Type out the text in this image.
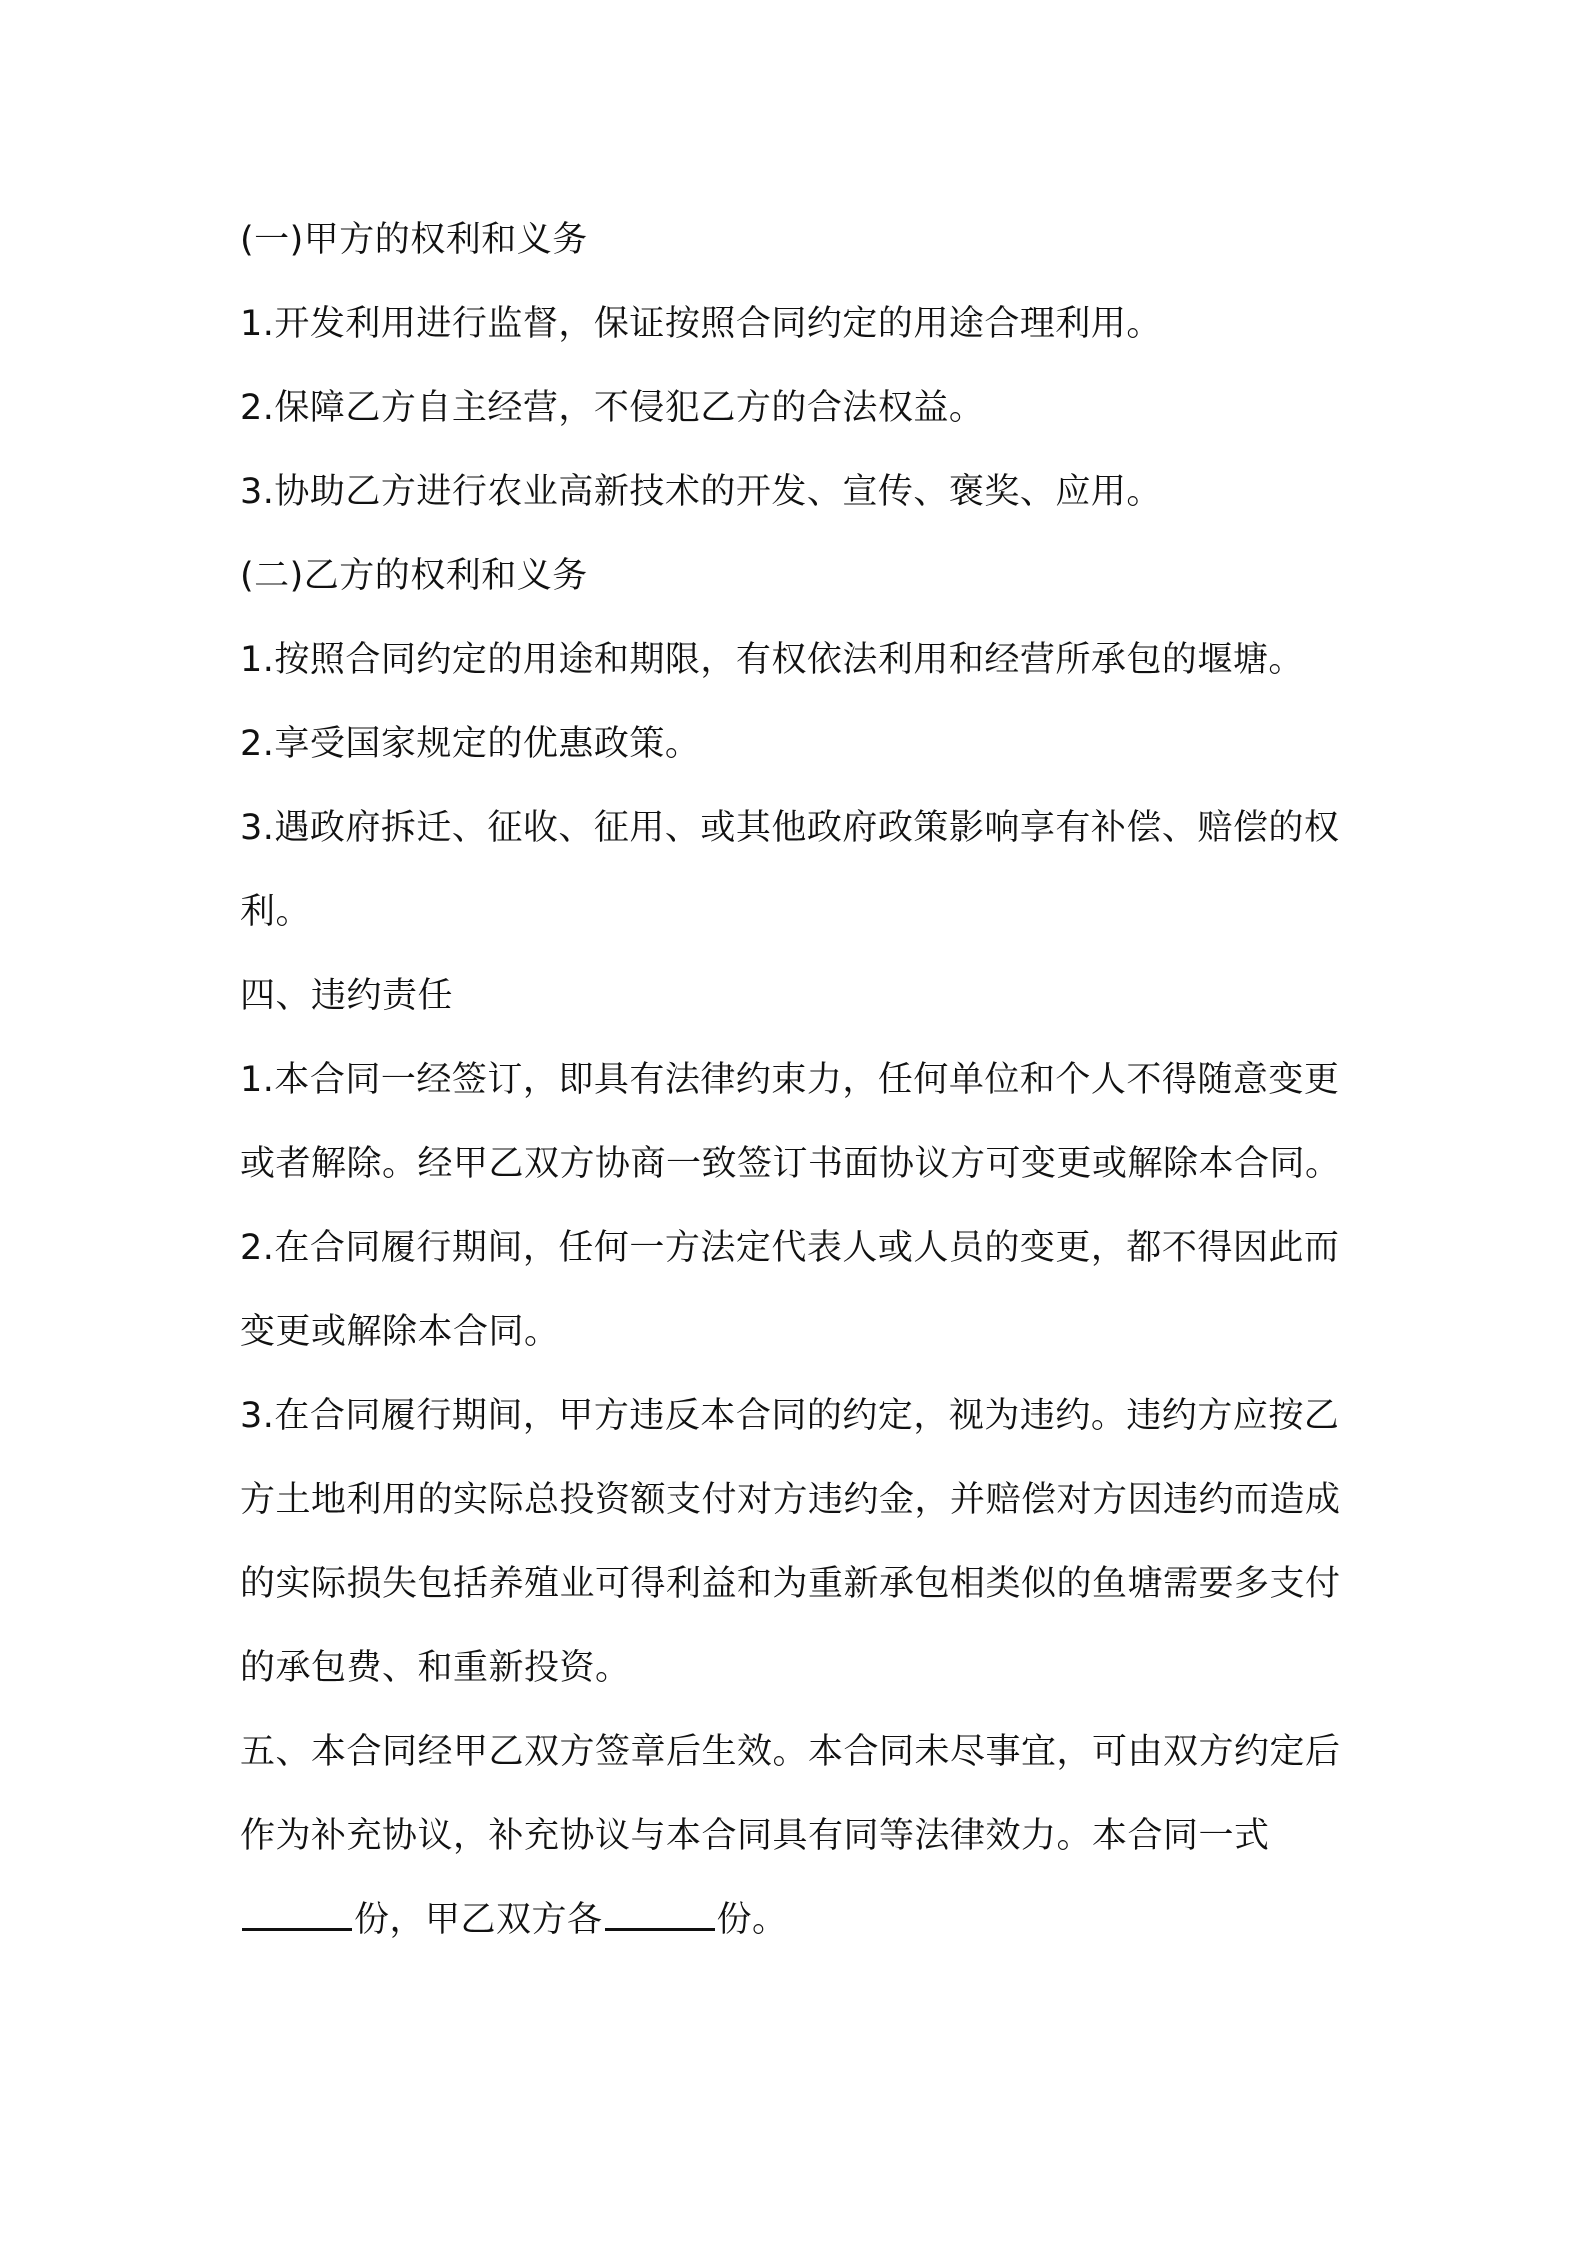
(一)甲方的权利和义务

1.开发利用进行监督，保证按照合同约定的用途合理利用。

2.保障乙方自主经营，不侵犯乙方的合法权益。

3.协助乙方进行农业高新技术的开发、宣传、褒奖、应用。

(二)乙方的权利和义务

1.按照合同约定的用途和期限，有权依法利用和经营所承包的堰塘。

2.享受国家规定的优惠政策。

3.遇政府拆迁、征收、征用、或其他政府政策影响享有补偿、赔偿的权利。

四、违约责任

1.本合同一经签订，即具有法律约束力，任何单位和个人不得随意变更或者解除。经甲乙双方协商一致签订书面协议方可变更或解除本合同。

2.在合同履行期间，任何一方法定代表人或人员的变更，都不得因此而变更或解除本合同。

3.在合同履行期间，甲方违反本合同的约定，视为违约。违约方应按乙方土地利用的实际总投资额支付对方违约金，并赔偿对方因违约而造成的实际损失包括养殖业可得利益和为重新承包相类似的鱼塘需要多支付的承包费、和重新投资。

五、本合同经甲乙双方签章后生效。本合同未尽事宜，可由双方约定后作为补充协议，补充协议与本合同具有同等法律效力。本合同一式份，甲乙双方各	份。
